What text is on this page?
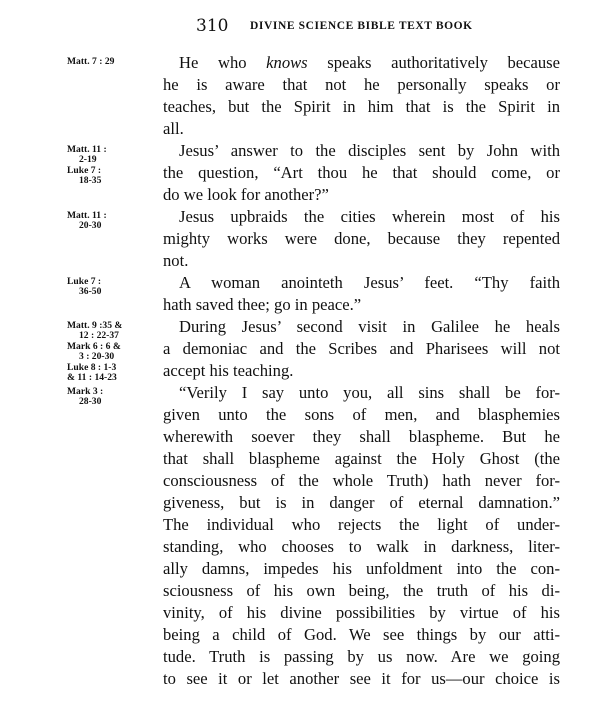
310 DIVINE SCIENCE BIBLE TEXT BOOK
He who knows speaks authoritatively because
he is aware that not he personally speaks or
teaches, but the Spirit in him that is the Spirit in
all.
Matt. 7 : 29
Jesus’ answer to the disciples sent by John with
the question, “Art thou he that should come, or
do we look for another?”
Matt. 11 :
2-19
Luke 7 :
18-35
Jesus upbraids the cities wherein most of his
mighty works were done, because they repented
not.
Matt. 11 :
20-30
A woman anointeth Jesus’ feet. “Thy faith
hath saved thee; go in peace.”
Luke 7 :
36-50
During Jesus’ second visit in Galilee he heals
a demoniac and the Scribes and Pharisees will not
accept his teaching.
Matt. 9 :35 &
12 : 22-37
Mark 6 : 6 &
3 : 20-30
Luke 8 : 1-3
& 11 : 14-23
“Verily I say unto you, all sins shall be for-
given unto the sons of men, and blasphemies
wherewith soever they shall blaspheme. But he
that shall blaspheme against the Holy Ghost (the
consciousness of the whole Truth) hath never for-
giveness, but is in danger of eternal damnation.”
The individual who rejects the light of under-
standing, who chooses to walk in darkness, liter-
ally damns, impedes his unfoldment into the con-
sciousness of his own being, the truth of his di-
vinity, of his divine possibilities by virtue of his
being a child of God. We see things by our atti-
tude. Truth is passing by us now. Are we going
to see it or let another see it for us—our choice is
Mark 3 :
28-30
